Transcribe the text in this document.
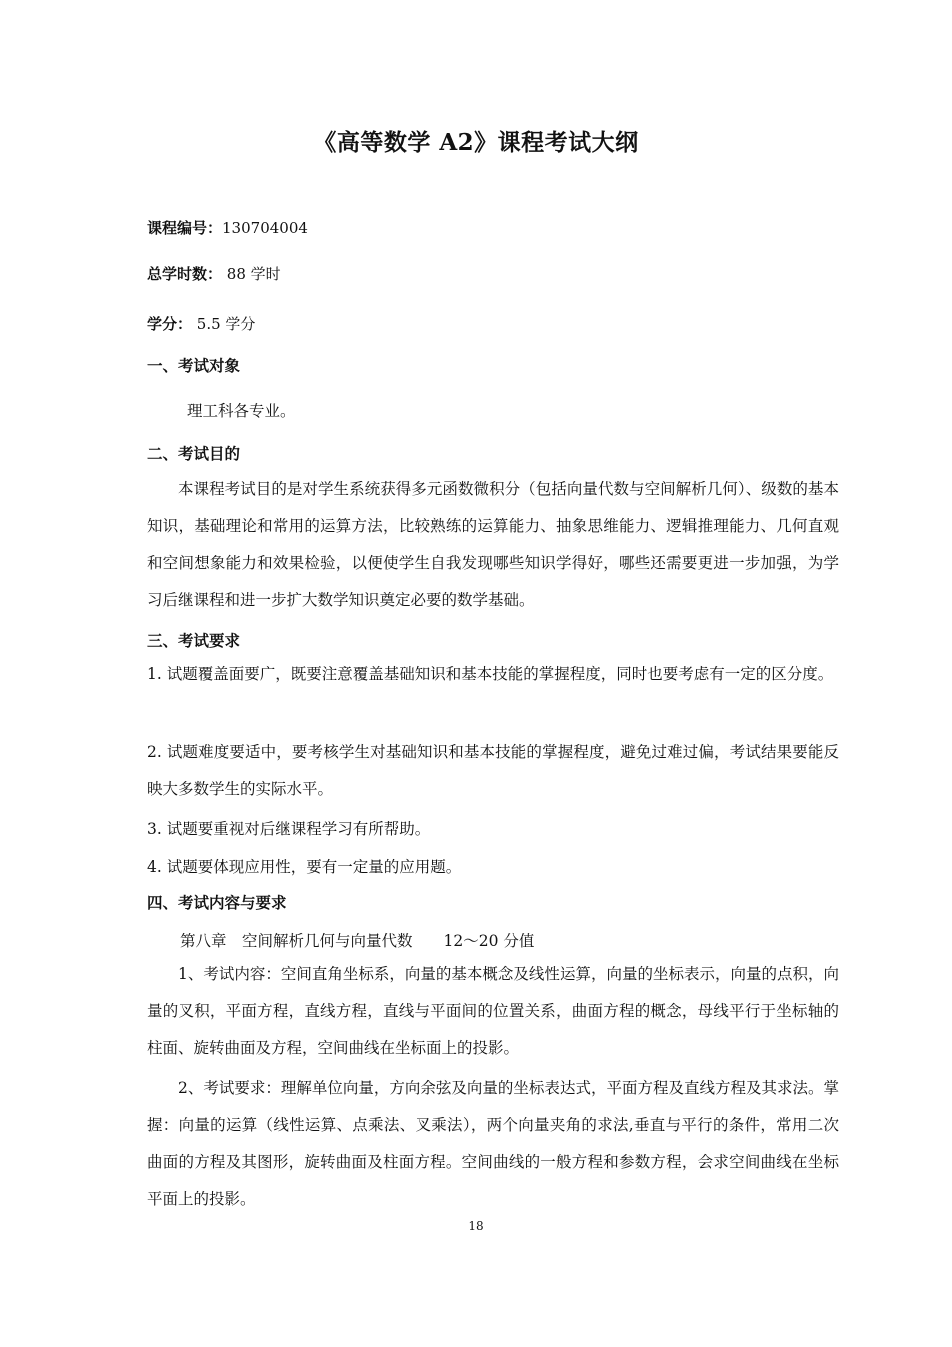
《高等数学 A2》课程考试大纲
课程编号：130704004
总学时数： 88 学时
学分： 5.5 学分
一、考试对象
理工科各专业。
二、考试目的
本课程考试目的是对学生系统获得多元函数微积分（包括向量代数与空间解析几何）、级数的基本知识，基础理论和常用的运算方法，比较熟练的运算能力、抽象思维能力、逻辑推理能力、几何直观和空间想象能力和效果检验，以便使学生自我发现哪些知识学得好，哪些还需要更进一步加强，为学习后继课程和进一步扩大数学知识奠定必要的数学基础。
三、考试要求
1. 试题覆盖面要广，既要注意覆盖基础知识和基本技能的掌握程度，同时也要考虑有一定的区分度。
2. 试题难度要适中，要考核学生对基础知识和基本技能的掌握程度，避免过难过偏，考试结果要能反映大多数学生的实际水平。
3. 试题要重视对后继课程学习有所帮助。
4. 试题要体现应用性，要有一定量的应用题。
四、考试内容与要求
第八章　空间解析几何与向量代数　　12～20 分值
1、考试内容：空间直角坐标系，向量的基本概念及线性运算，向量的坐标表示，向量的点积，向量的叉积，平面方程，直线方程，直线与平面间的位置关系，曲面方程的概念，母线平行于坐标轴的柱面、旋转曲面及方程，空间曲线在坐标面上的投影。
2、考试要求：理解单位向量，方向余弦及向量的坐标表达式，平面方程及直线方程及其求法。掌握：向量的运算（线性运算、点乘法、叉乘法），两个向量夹角的求法,垂直与平行的条件，常用二次曲面的方程及其图形，旋转曲面及柱面方程。空间曲线的一般方程和参数方程，会求空间曲线在坐标平面上的投影。
18
